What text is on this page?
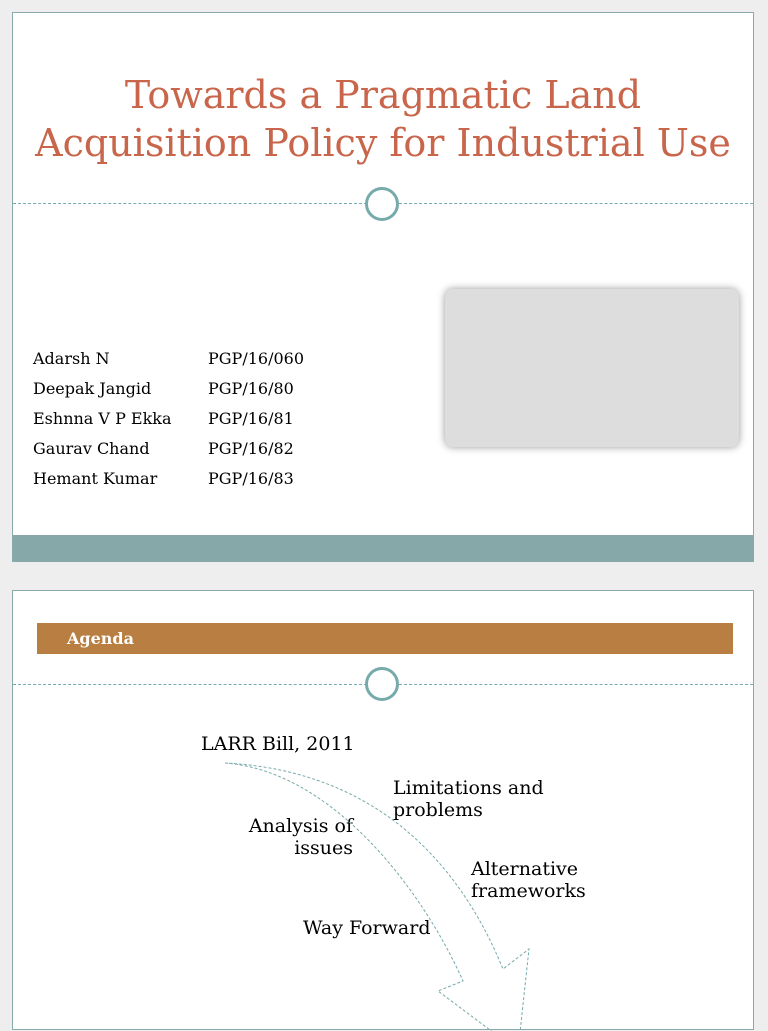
Towards a Pragmatic Land
Acquisition Policy for Industrial Use
Adarsh N	PGP/16/060
Deepak Jangid	PGP/16/80
Eshnna V P Ekka PGP/16/81
Gaurav Chand	PGP/16/82
Hemant Kumar	PGP/16/83
Agenda
LARR Bill, 2011
Limitations and problems
Analysis of issues
Alternative frameworks
Way Forward
